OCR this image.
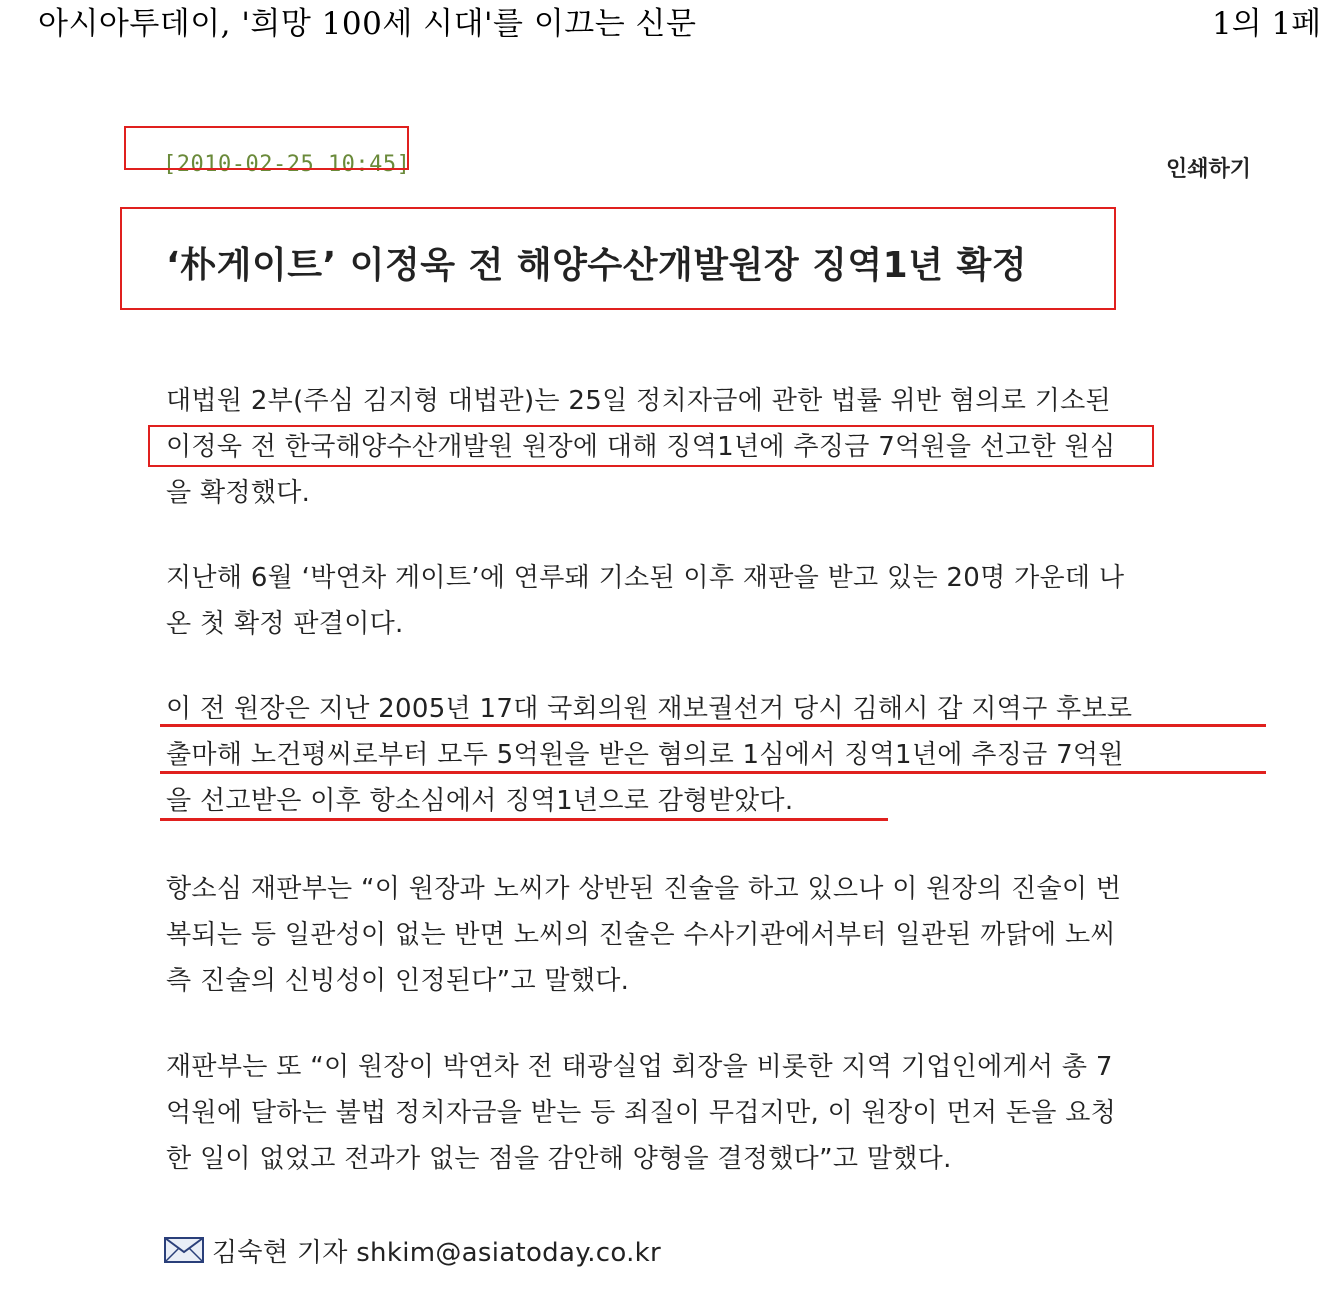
아시아투데이, '희망 100세 시대'를 이끄는 신문	1의 1페
[2010-02-25 10:45]	인쇄하기
‘朴게이트’ 이정욱 전 해양수산개발원장 징역1년 확정
대법원 2부(주심 김지형 대법관)는 25일 정치자금에 관한 법률 위반 혐의로 기소된
이정욱 전 한국해양수산개발원 원장에 대해 징역1년에 추징금 7억원을 선고한 원심
을 확정했다.
지난해 6월 ‘박연차 게이트’에 연루돼 기소된 이후 재판을 받고 있는 20명 가운데 나
온 첫 확정 판결이다.
이 전 원장은 지난 2005년 17대 국회의원 재보궐선거 당시 김해시 갑 지역구 후보로
출마해 노건평씨로부터 모두 5억원을 받은 혐의로 1심에서 징역1년에 추징금 7억원
을 선고받은 이후 항소심에서 징역1년으로 감형받았다.
항소심 재판부는 “이 원장과 노씨가 상반된 진술을 하고 있으나 이 원장의 진술이 번
복되는 등 일관성이 없는 반면 노씨의 진술은 수사기관에서부터 일관된 까닭에 노씨
측 진술의 신빙성이 인정된다”고 말했다.
재판부는 또 “이 원장이 박연차 전 태광실업 회장을 비롯한 지역 기업인에게서 총 7
억원에 달하는 불법 정치자금을 받는 등 죄질이 무겁지만, 이 원장이 먼저 돈을 요청
한 일이 없었고 전과가 없는 점을 감안해 양형을 결정했다”고 말했다.
김숙현 기자 shkim@asiatoday.co.kr
